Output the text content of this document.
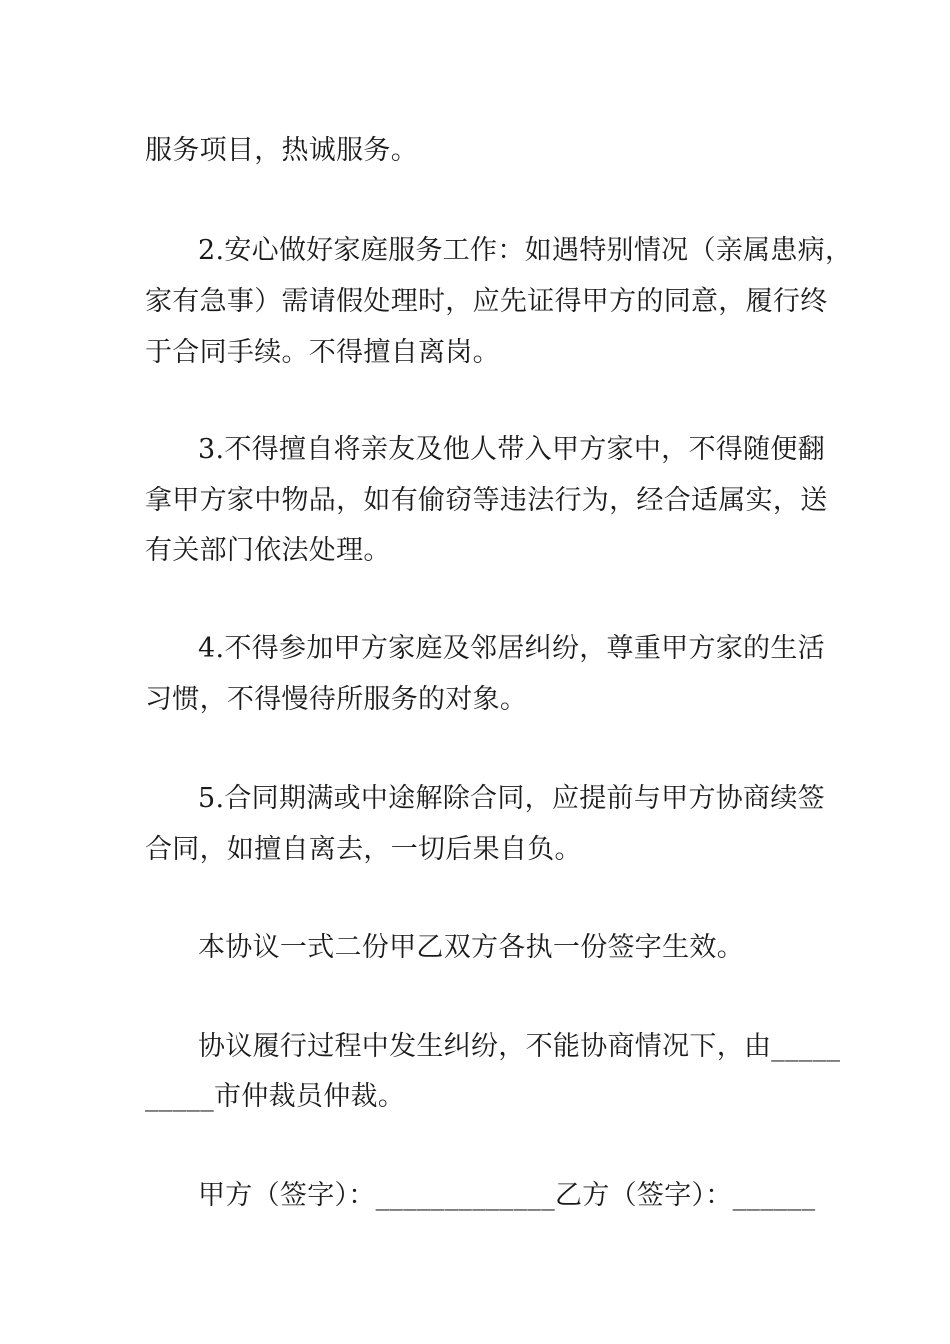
服务项目，热诚服务。
2.安心做好家庭服务工作：如遇特别情况（亲属患病，
家有急事）需请假处理时，应先证得甲方的同意，履行终
于合同手续。不得擅自离岗。
3.不得擅自将亲友及他人带入甲方家中，不得随便翻
拿甲方家中物品，如有偷窃等违法行为，经合适属实，送
有关部门依法处理。
4.不得参加甲方家庭及邻居纠纷，尊重甲方家的生活
习惯，不得慢待所服务的对象。
5.合同期满或中途解除合同，应提前与甲方协商续签
合同，如擅自离去，一切后果自负。
本协议一式二份甲乙双方各执一份签字生效。
协议履行过程中发生纠纷，不能协商情况下，由_____
_____市仲裁员仲裁。
甲方（签字）：_____________乙方（签字）：______
